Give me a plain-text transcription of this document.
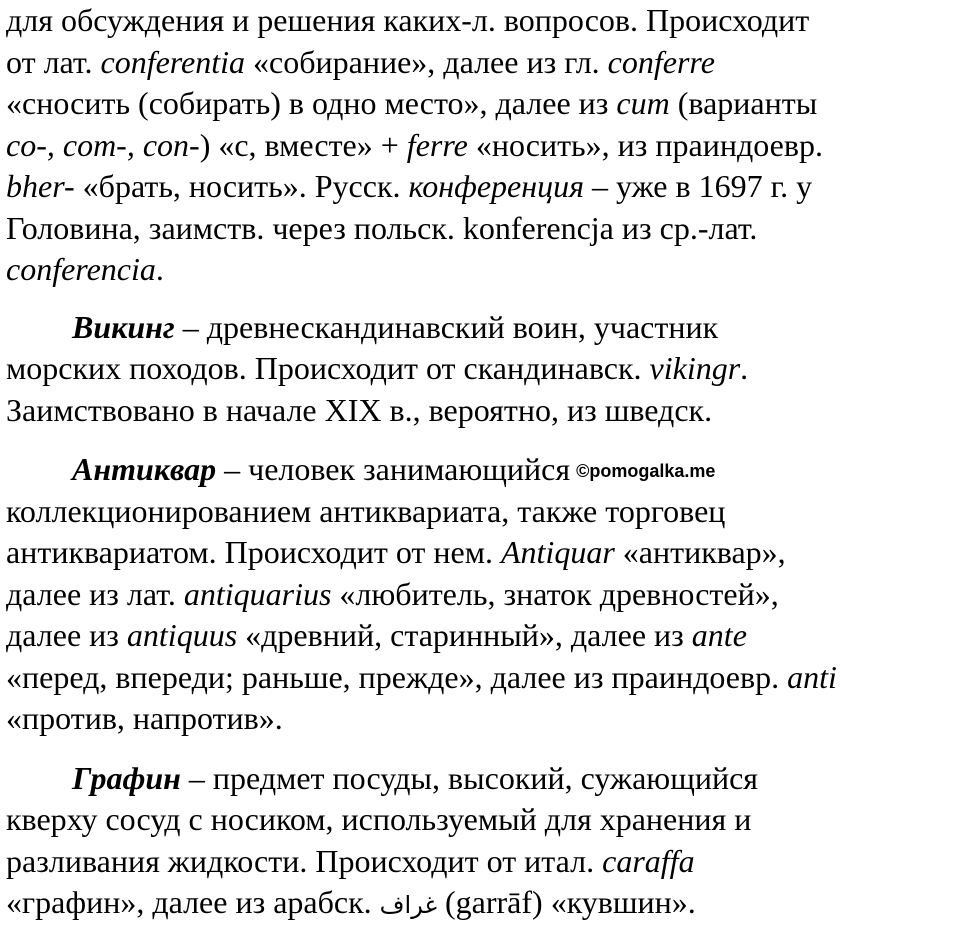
для обсуждения и решения каких-л. вопросов. Происходит
от лат. conferentia «собирание», далее из гл. conferre
«сносить (собирать) в одно место», далее из cum (варианты
co-, com-, con-) «с, вместе» + ferre «носить», из праиндоевр.
bher- «брать, носить». Русск. конференция – уже в 1697 г. у
Головина, заимств. через польск. konferencja из ср.-лат.
conferencia.
Викинг – древнескандинавский воин, участник
морских походов. Происходит от скандинавск. vikingr.
Заимствовано в начале XIX в., вероятно, из шведск.
Антиквар – человек занимающийся ©pomogalka.me
коллекционированием антиквариата, также торговец
антиквариатом. Происходит от нем. Antiquar «антиквар»,
далее из лат. antiquarius «любитель, знаток древностей»,
далее из antiquus «древний, старинный», далее из ante
«перед, впереди; раньше, прежде», далее из праиндоевр. anti
«против, напротив».
Графин – предмет посуды, высокий, сужающийся
кверху сосуд с носиком, используемый для хранения и
разливания жидкости. Происходит от итал. caraffa
«графин», далее из арабск. غراف (garrāf) «кувшин».
